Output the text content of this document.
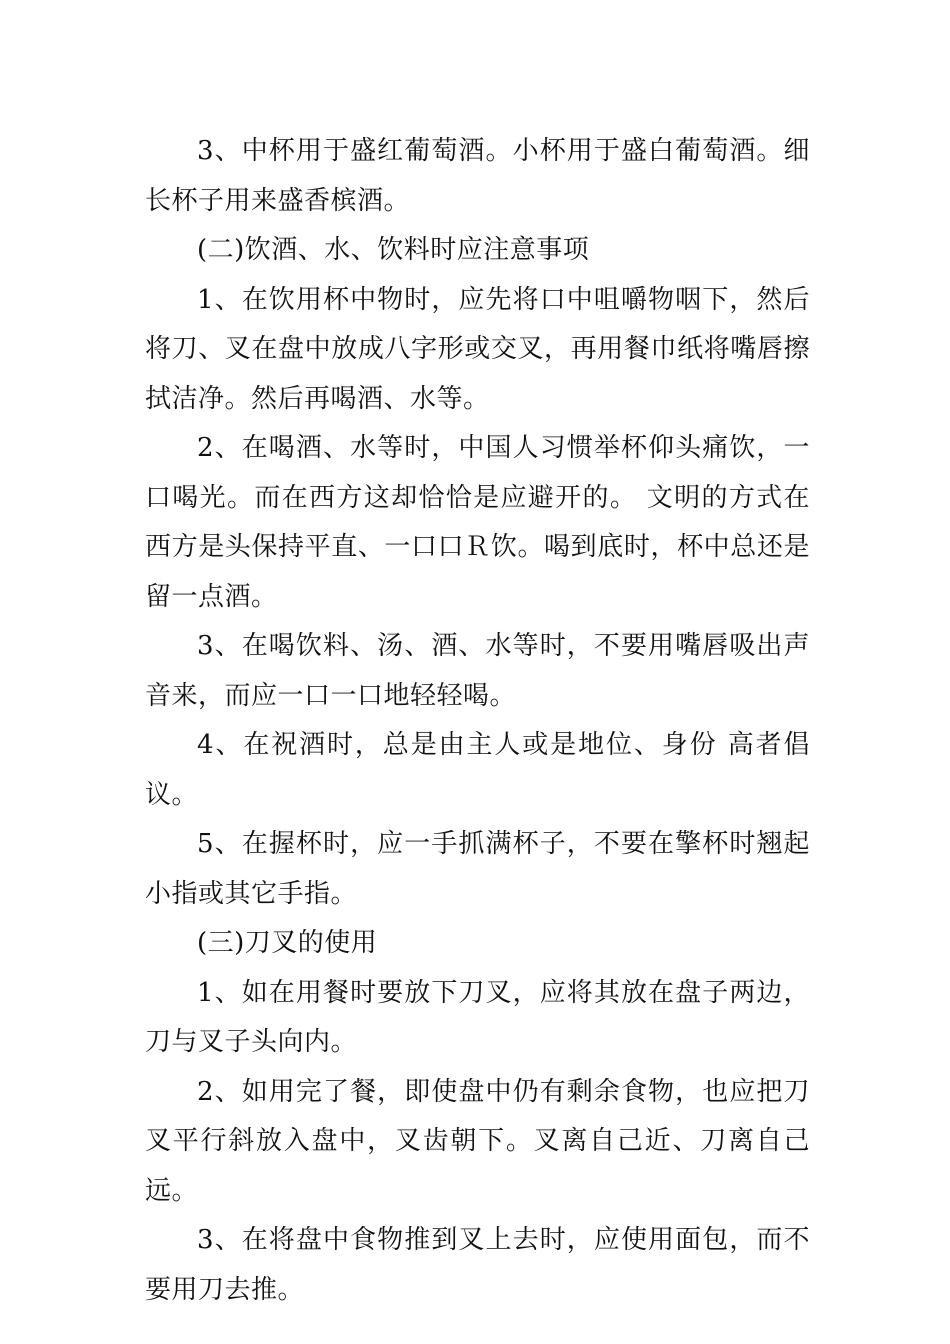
3、中杯用于盛红葡萄酒。小杯用于盛白葡萄酒。细长杯子用来盛香槟酒。

(二)饮酒、水、饮料时应注意事项

1、在饮用杯中物时，应先将口中咀嚼物咽下，然后将刀、叉在盘中放成八字形或交叉，再用餐巾纸将嘴唇擦拭洁净。然后再喝酒、水等。

2、在喝酒、水等时，中国人习惯举杯仰头痛饮，一口喝光。而在西方这却恰恰是应避开的。 文明的方式在西方是头保持平直、一口口Ｒ饮。喝到底时，杯中总还是留一点酒。

3、在喝饮料、汤、酒、水等时，不要用嘴唇吸出声音来，而应一口一口地轻轻喝。

4、在祝酒时，总是由主人或是地位、身份 高者倡议。

5、在握杯时，应一手抓满杯子，不要在擎杯时翘起小指或其它手指。

(三)刀叉的使用

1、如在用餐时要放下刀叉，应将其放在盘子两边，刀与叉子头向内。

2、如用完了餐，即使盘中仍有剩余食物，也应把刀叉平行斜放入盘中，叉齿朝下。叉离自己近、刀离自己远。

3、在将盘中食物推到叉上去时，应使用面包，而不要用刀去推。
